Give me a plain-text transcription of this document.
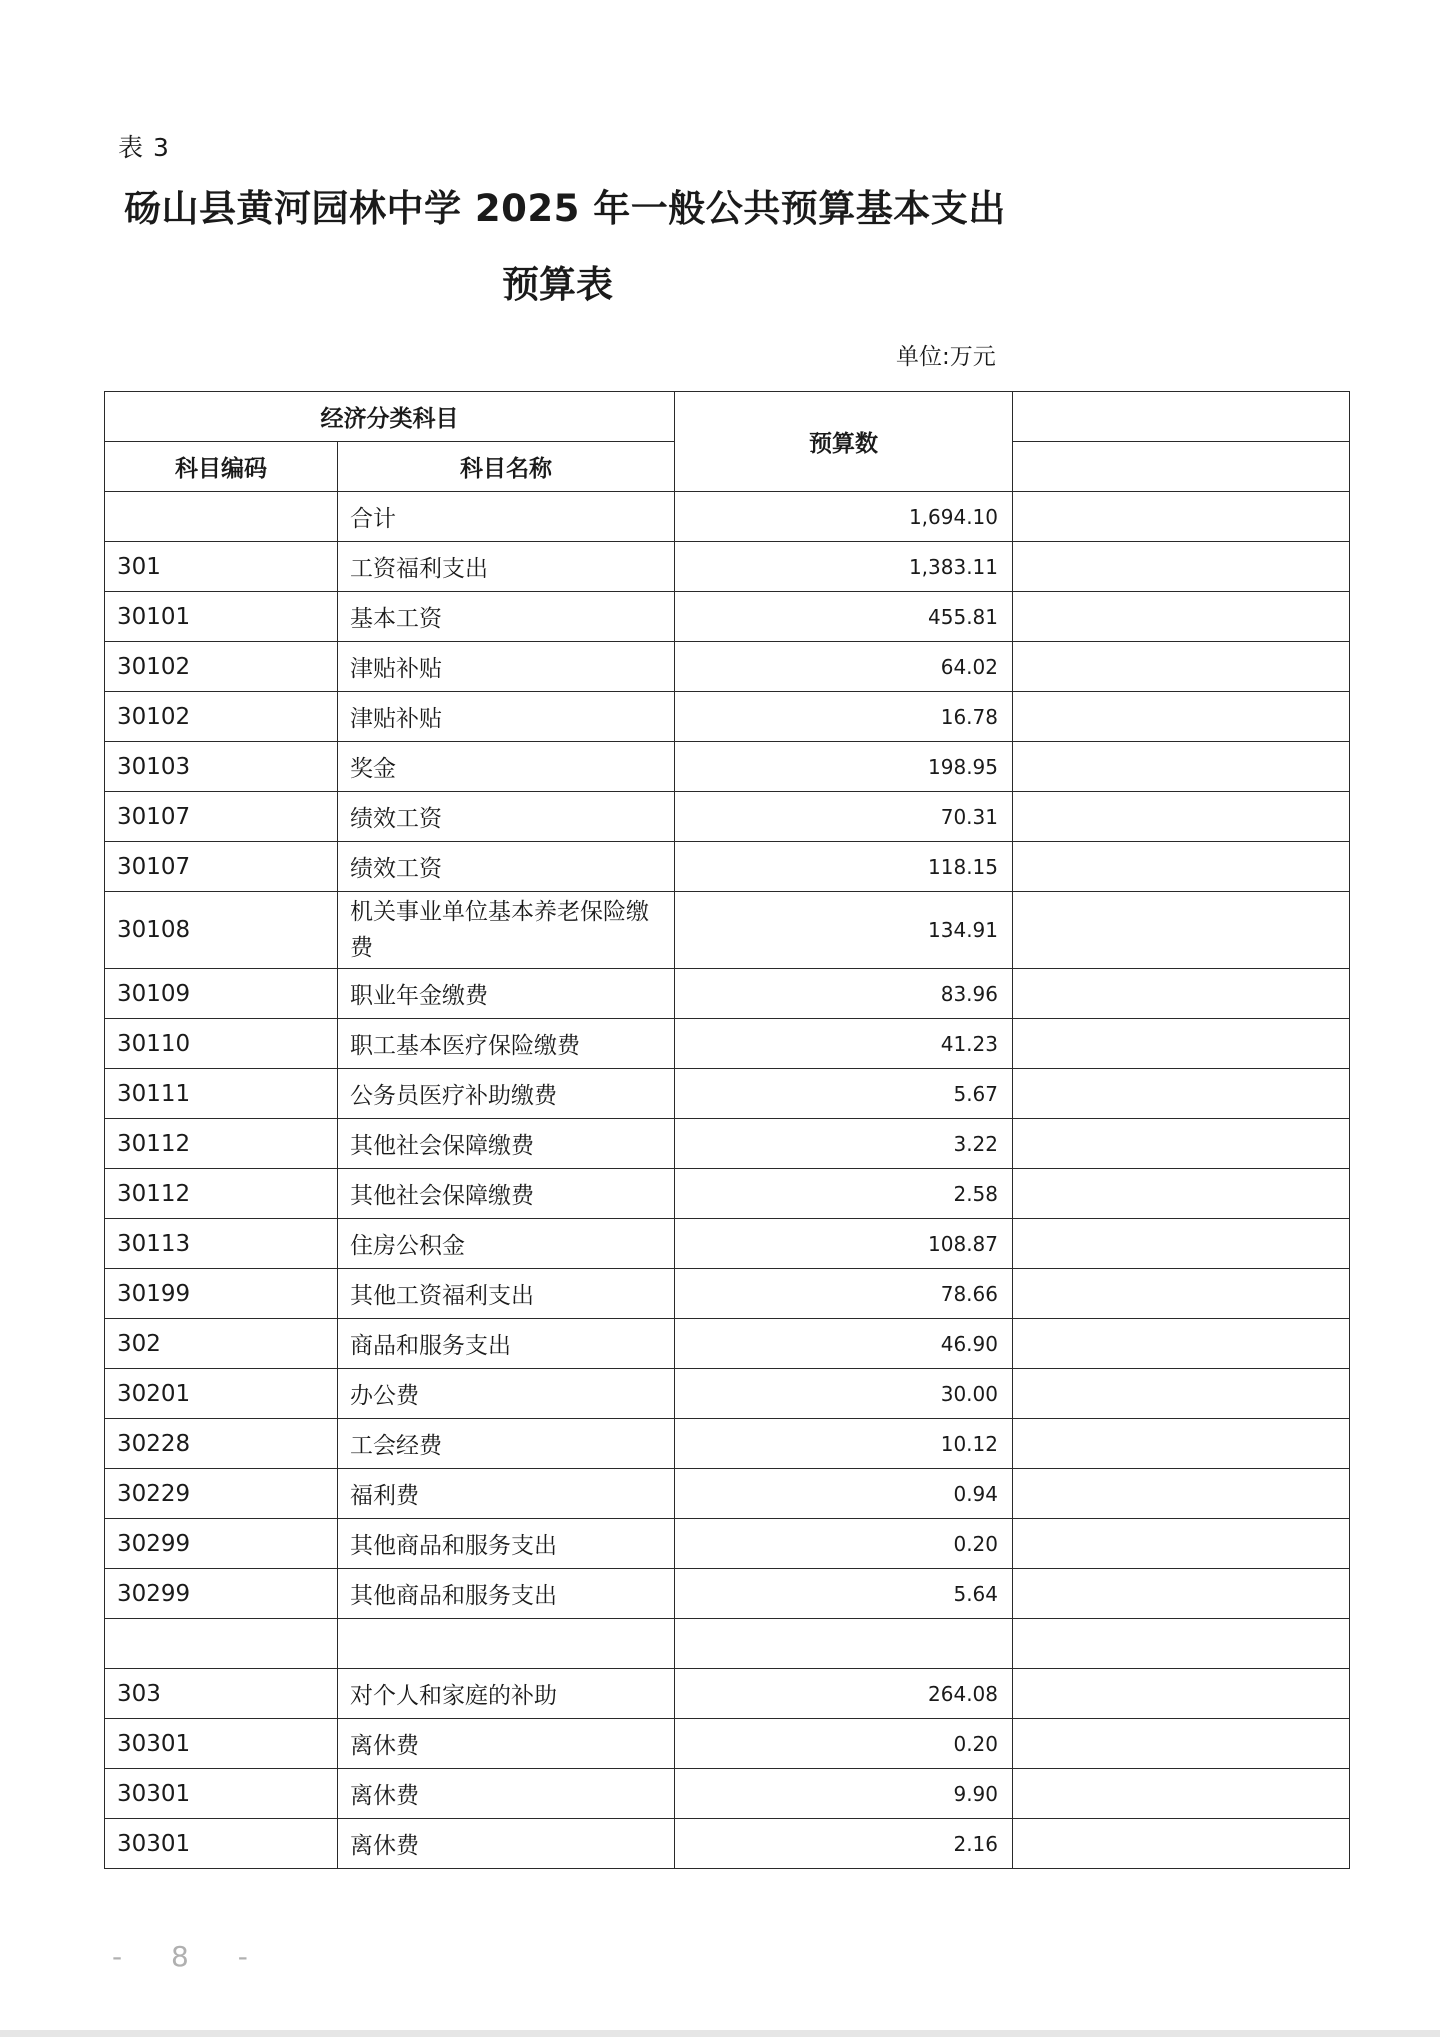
表 3
砀山县黄河园林中学 2025 年一般公共预算基本支出
预算表
单位:万元
经济分类科目		预算数	
科目编码	科目名称		
	合计	1,694.10	
301	工资福利支出	1,383.11	
30101	基本工资	455.81	
30102	津贴补贴	64.02	
30102	津贴补贴	16.78	
30103	奖金	198.95	
30107	绩效工资	70.31	
30107	绩效工资	118.15	
30108	机关事业单位基本养老保险缴费	134.91	
30109	职业年金缴费	83.96	
30110	职工基本医疗保险缴费	41.23	
30111	公务员医疗补助缴费	5.67	
30112	其他社会保障缴费	3.22	
30112	其他社会保障缴费	2.58	
30113	住房公积金	108.87	
30199	其他工资福利支出	78.66	
302	商品和服务支出	46.90	
30201	办公费	30.00	
30228	工会经费	10.12	
30229	福利费	0.94	
30299	其他商品和服务支出	0.20	
30299	其他商品和服务支出	5.64	

303	对个人和家庭的补助	264.08	
30301	离休费	0.20	
30301	离休费	9.90	
30301	离休费	2.16	
- 8 -
